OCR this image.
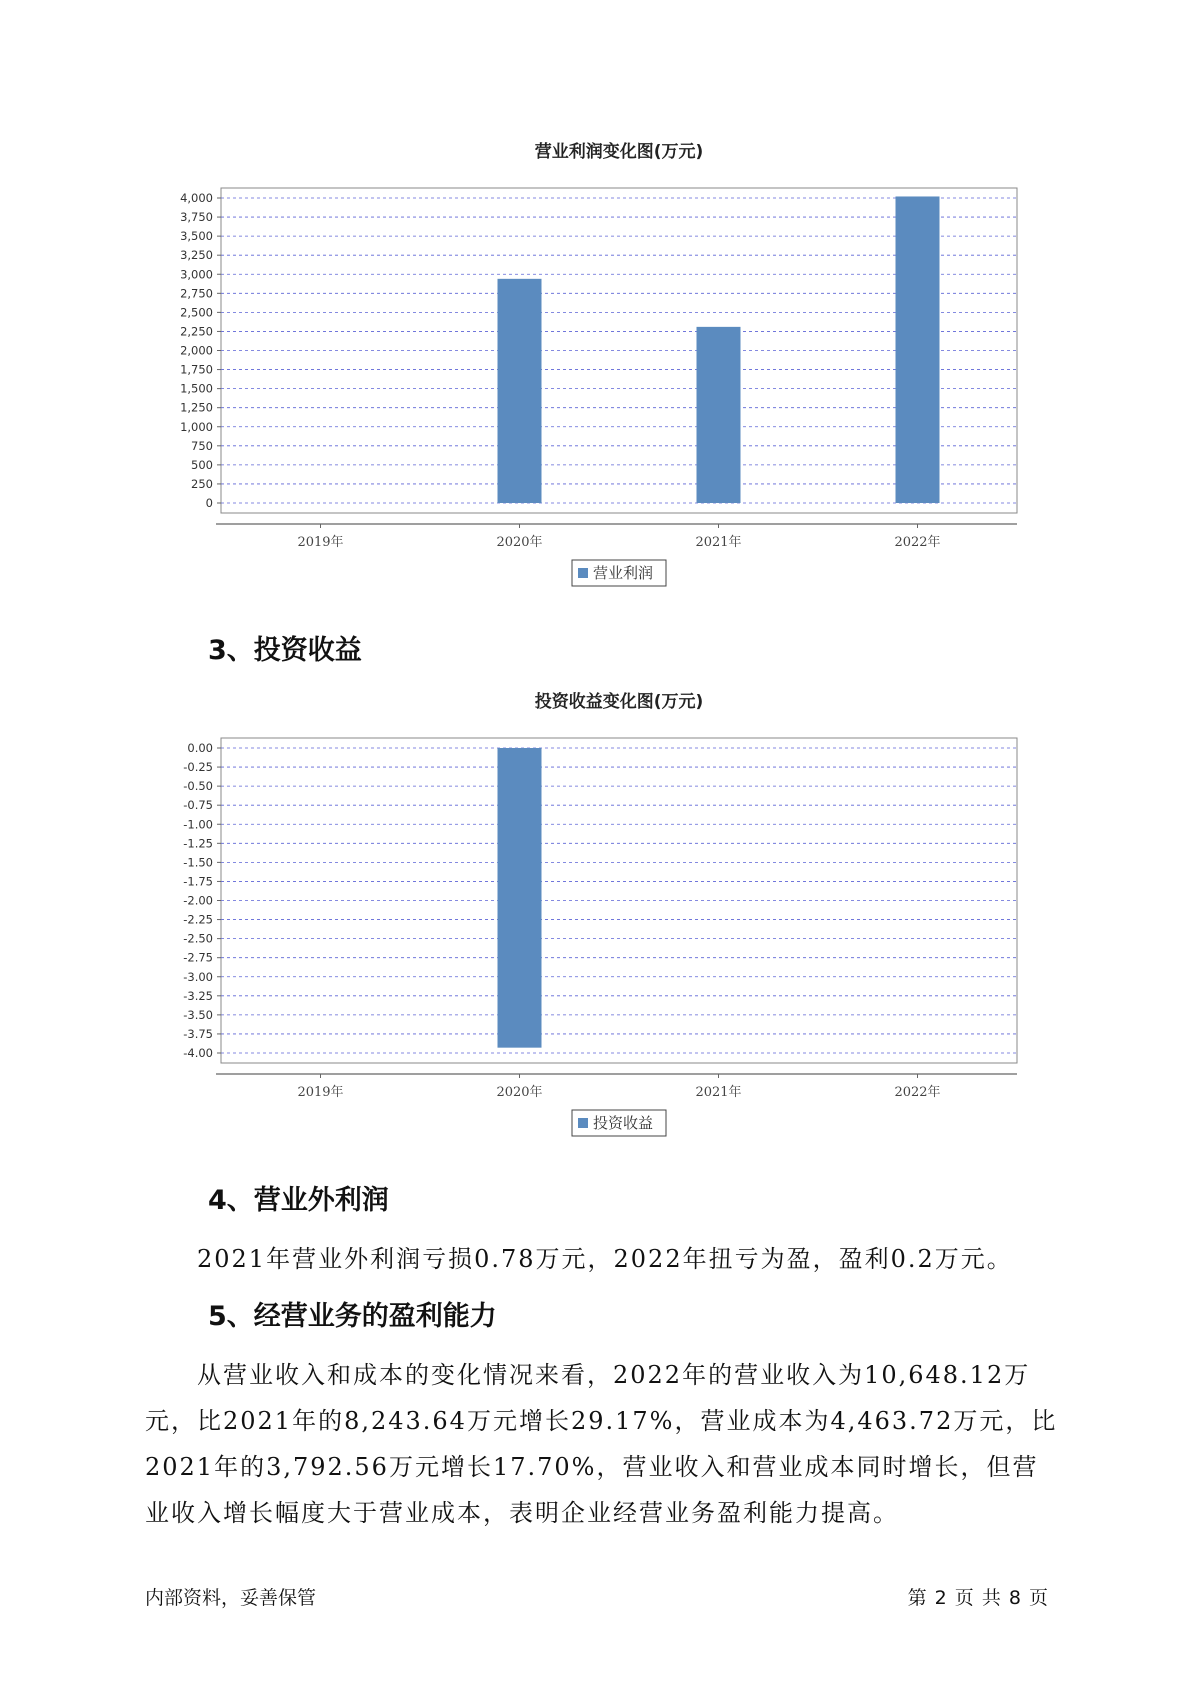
营业利润变化图(万元)
0
250
500
750
1,000
1,250
1,500
1,750
2,000
2,250
2,500
2,750
3,000
3,250
3,500
3,750
4,000
2019年	2020年	2021年	2022年
营业利润
3、投资收益
投资收益变化图(万元)
0.00
-0.25
-0.50
-0.75
-1.00
-1.25
-1.50
-1.75
-2.00
-2.25
-2.50
-2.75
-3.00
-3.25
-3.50
-3.75
-4.00
2019年	2020年	2021年	2022年
投资收益
4、营业外利润

2021年营业外利润亏损0.78万元，2022年扭亏为盈，盈利0.2万元。

5、经营业务的盈利能力

从营业收入和成本的变化情况来看，2022年的营业收入为10,648.12万元，比2021年的8,243.64万元增长29.17%，营业成本为4,463.72万元，比2021年的3,792.56万元增长17.70%，营业收入和营业成本同时增长，但营业收入增长幅度大于营业成本，表明企业经营业务盈利能力提高。

内部资料，妥善保管	第 2 页 共 8 页
